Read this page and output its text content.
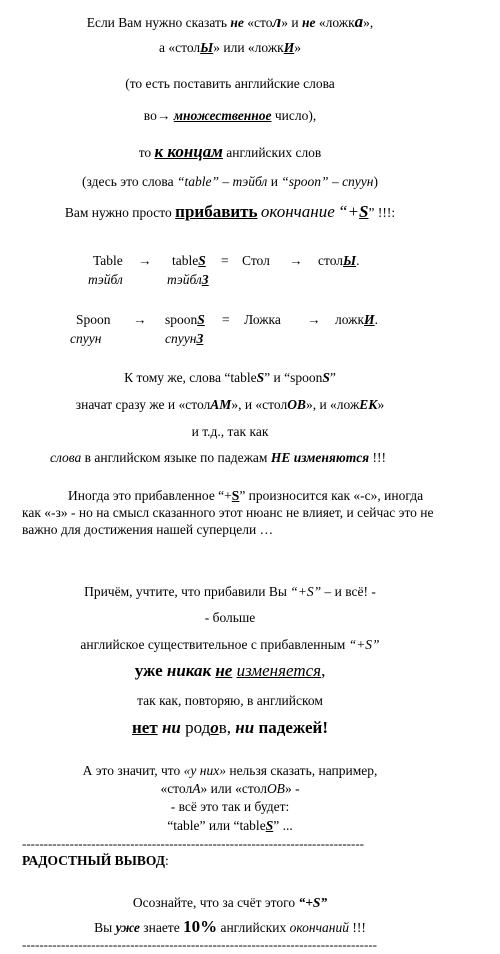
Если Вам нужно сказать не «стол» и не «ложка»,
а «столЫ» или «ложкИ»
(то есть поставить английские слова
во→ множественное число),
то к концам английских слов
(здесь это слова “table” – тэйбл и “spoon” – спуун)
Вам нужно просто прибавить окончание “+S” !!!:
Table → tableS = Стол → столЫ.
тэйбл	тэйблЗ
Spoon → spoonS = Ложка → ложкИ.
спуун	спуунЗ
К тому же, слова “tableS” и “spoonS”
значат сразу же и «столАМ», и «столОВ», и «ложЕК»
и т.д., так как
слова в английском языке по падежам НЕ изменяются !!!
Иногда это прибавленное “+S” произносится как «-с», иногда как «-з» - но на смысл сказанного этот нюанс не влияет, и сейчас это не важно для достижения нашей суперцели …
Причём, учтите, что прибавили Вы “+S” – и всё! -
- больше
английское существительное с прибавленным “+S”
уже никак не изменяется,
так как, повторяю, в английском
нет ни родов, ни падежей!
А это значит, что «у них» нельзя сказать, например,
«столА» или «столОВ» -
- всё это так и будет:
“table” или “tableS” ...
-------------------------------------------------------------------------------
РАДОСТНЫЙ ВЫВОД:
Осознайте, что за счёт этого “+S”
Вы уже знаете 10% английских окончаний !!!
----------------------------------------------------------------------------------
